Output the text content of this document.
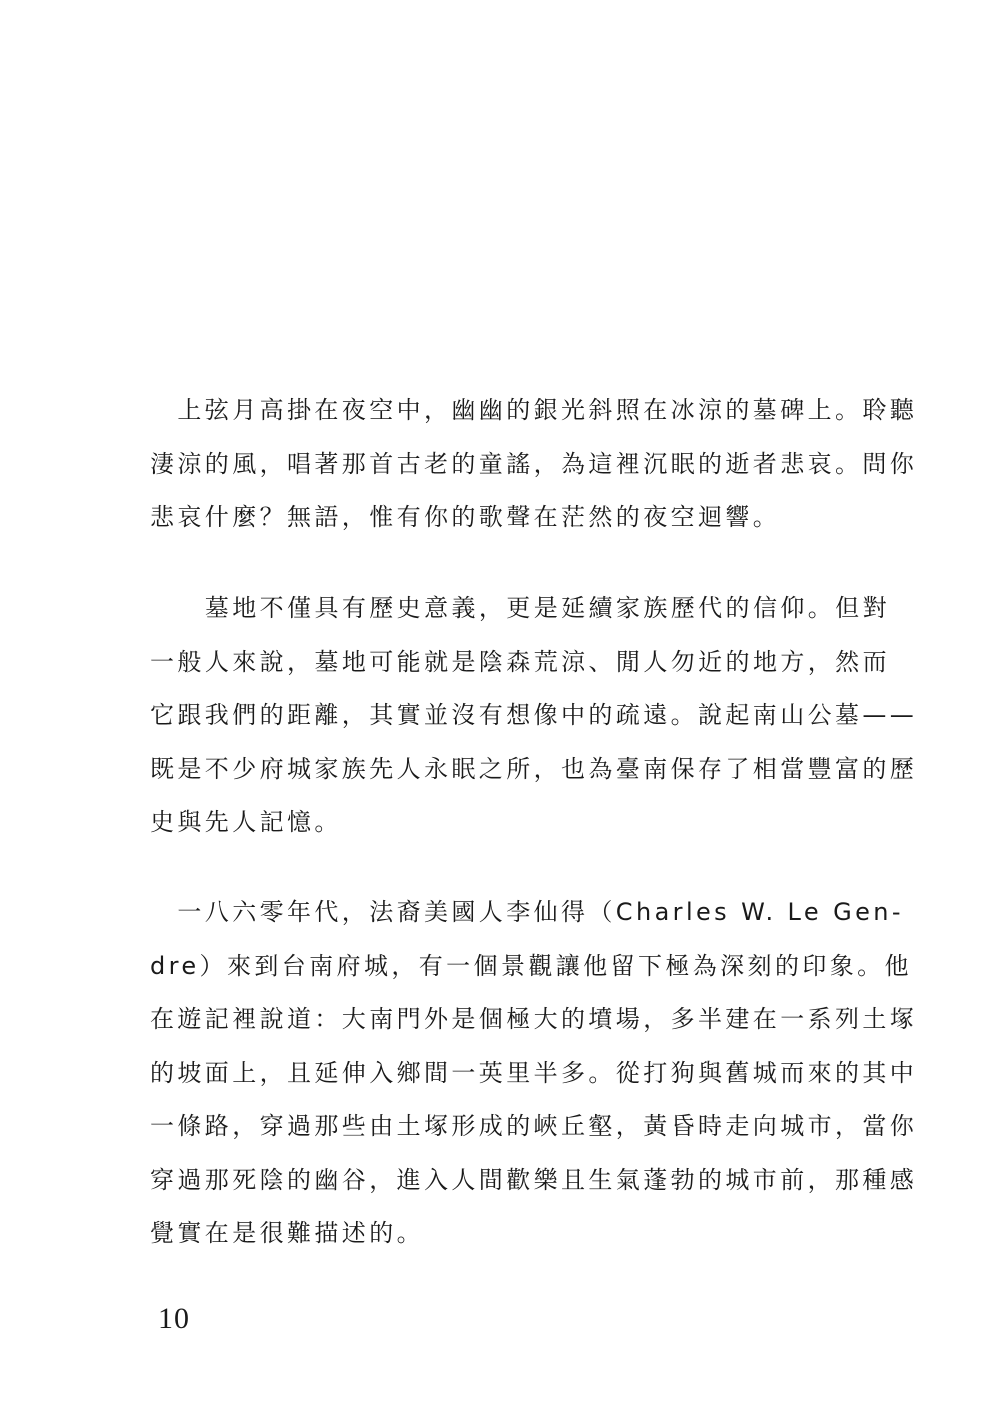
　上弦月高掛在夜空中，幽幽的銀光斜照在冰涼的墓碑上。聆聽
淒涼的風，唱著那首古老的童謠，為這裡沉眠的逝者悲哀。問你
悲哀什麼？無語，惟有你的歌聲在茫然的夜空迴響。
　　墓地不僅具有歷史意義，更是延續家族歷代的信仰。但對
一般人來說，墓地可能就是陰森荒涼、閒人勿近的地方，然而
它跟我們的距離，其實並沒有想像中的疏遠。說起南山公墓——
既是不少府城家族先人永眠之所，也為臺南保存了相當豐富的歷
史與先人記憶。
　一八六零年代，法裔美國人李仙得（Charles W. Le Gen-
dre）來到台南府城，有一個景觀讓他留下極為深刻的印象。他
在遊記裡說道：大南門外是個極大的墳場，多半建在一系列土塚
的坡面上，且延伸入鄉間一英里半多。從打狗與舊城而來的其中
一條路，穿過那些由土塚形成的峽丘壑，黃昏時走向城市，當你
穿過那死陰的幽谷，進入人間歡樂且生氣蓬勃的城市前，那種感
覺實在是很難描述的。
10
